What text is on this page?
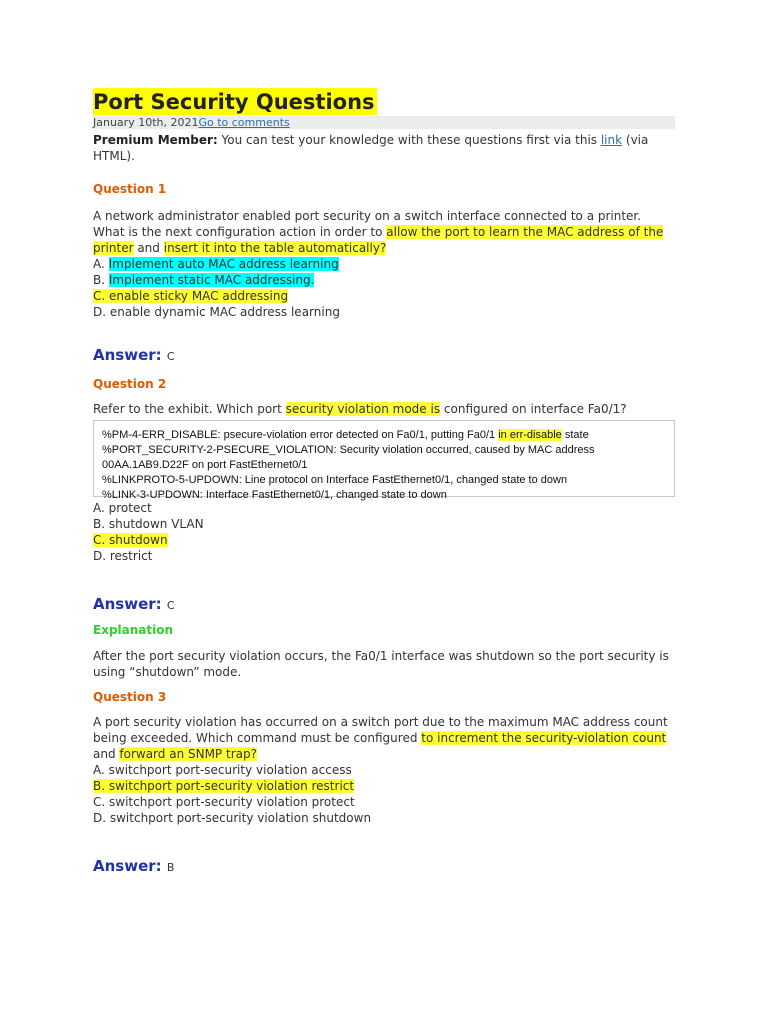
Port Security Questions
January 10th, 2021Go to comments

Premium Member: You can test your knowledge with these questions first via this link (via HTML).

Question 1

A network administrator enabled port security on a switch interface connected to a printer. What is the next configuration action in order to allow the port to learn the MAC address of the printer and insert it into the table automatically?

A. Implement auto MAC address learning

B. Implement static MAC addressing.

C. enable sticky MAC addressing

D. enable dynamic MAC address learning

Answer: C
Question 2

Refer to the exhibit. Which port security violation mode is configured on interface Fa0/1?

%PM-4-ERR_DISABLE: psecure-violation error detected on Fa0/1, putting Fa0/1 in err-disable state
%PORT_SECURITY-2-PSECURE_VIOLATION: Security violation occurred, caused by MAC address
00AA.1AB9.D22F on port FastEthernet0/1
%LINKPROTO-5-UPDOWN: Line protocol on Interface FastEthernet0/1, changed state to down
%LINK-3-UPDOWN: Interface FastEthernet0/1, changed state to down

A. protect

B. shutdown VLAN

C. shutdown

D. restrict

Answer: C
Explanation

After the port security violation occurs, the Fa0/1 interface was shutdown so the port security is using “shutdown” mode.

Question 3

A port security violation has occurred on a switch port due to the maximum MAC address count being exceeded. Which command must be configured to increment the security-violation count and forward an SNMP trap?

A. switchport port-security violation access

B. switchport port-security violation restrict

C. switchport port-security violation protect

D. switchport port-security violation shutdown

Answer: B
